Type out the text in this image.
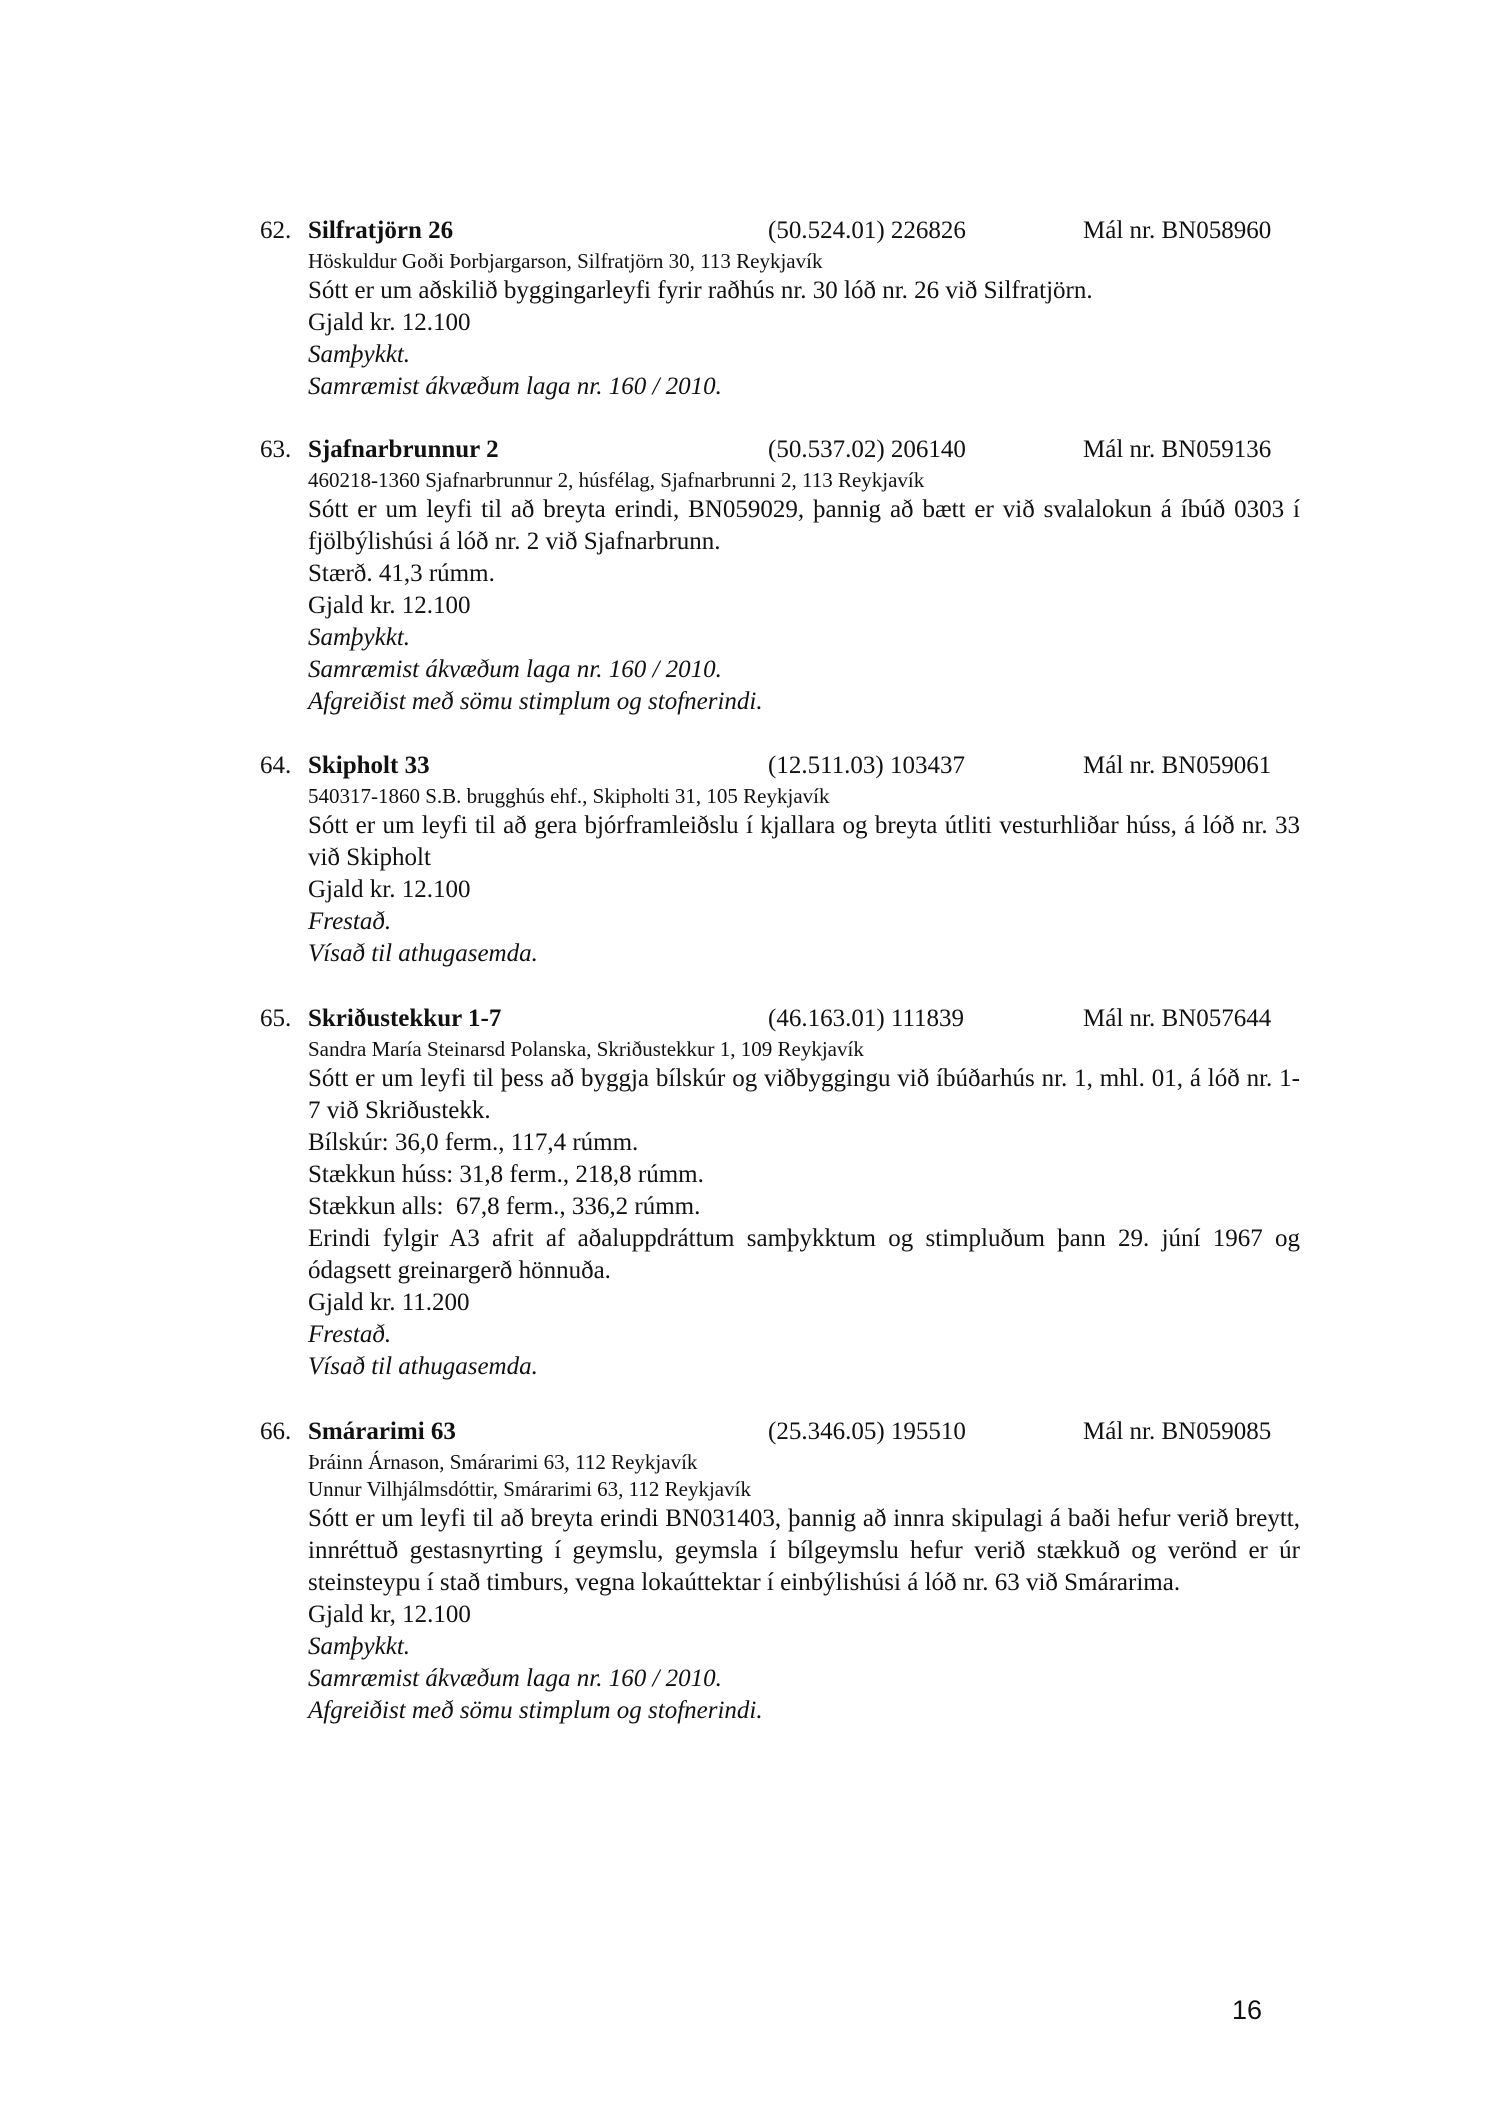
62. Silfratjörn 26	(50.524.01) 226826	Mál nr. BN058960
Höskuldur Goði Þorbjargarson, Silfratjörn 30, 113 Reykjavík
Sótt er um aðskilið byggingarleyfi fyrir raðhús nr. 30 lóð nr. 26 við Silfratjörn.
Gjald kr. 12.100
Samþykkt.
Samræmist ákvæðum laga nr. 160 / 2010.
63. Sjafnarbrunnur 2	(50.537.02) 206140	Mál nr. BN059136
460218-1360 Sjafnarbrunnur 2, húsfélag, Sjafnarbrunni 2, 113 Reykjavík
Sótt er um leyfi til að breyta erindi, BN059029, þannig að bætt er við svalalokun á íbúð 0303 í fjölbýlishúsi á lóð nr. 2 við Sjafnarbrunn.
Stærð. 41,3 rúmm.
Gjald kr. 12.100
Samþykkt.
Samræmist ákvæðum laga nr. 160 / 2010.
Afgreiðist með sömu stimplum og stofnerindi.
64. Skipholt 33	(12.511.03) 103437	Mál nr. BN059061
540317-1860 S.B. brugghús ehf., Skipholti 31, 105 Reykjavík
Sótt er um leyfi til að gera bjórframleiðslu í kjallara og breyta útliti vesturhliðar húss, á lóð nr. 33 við Skipholt
Gjald kr. 12.100
Frestað.
Vísað til athugasemda.
65. Skriðustekkur 1-7	(46.163.01) 111839	Mál nr. BN057644
Sandra María Steinarsd Polanska, Skriðustekkur 1, 109 Reykjavík
Sótt er um leyfi til þess að byggja bílskúr og viðbyggingu við íbúðarhús nr. 1, mhl. 01, á lóð nr. 1-7 við Skriðustekk.
Bílskúr: 36,0 ferm., 117,4 rúmm.
Stækkun húss: 31,8 ferm., 218,8 rúmm.
Stækkun alls:  67,8 ferm., 336,2 rúmm.
Erindi fylgir A3 afrit af aðaluppdráttum samþykktum og stimpluðum þann 29. júní 1967 og ódagsett greinargerð hönnuða.
Gjald kr. 11.200
Frestað.
Vísað til athugasemda.
66. Smárarimi 63	(25.346.05) 195510	Mál nr. BN059085
Þráinn Árnason, Smárarimi 63, 112 Reykjavík
Unnur Vilhjálmsdóttir, Smárarimi 63, 112 Reykjavík
Sótt er um leyfi til að breyta erindi BN031403, þannig að innra skipulagi á baði hefur verið breytt, innréttuð gestasnyrting í geymslu, geymsla í bílgeymslu hefur verið stækkuð og verönd er úr steinsteypu í stað timburs, vegna lokaúttektar í einbýlishúsi á lóð nr. 63 við Smárarima.
Gjald kr, 12.100
Samþykkt.
Samræmist ákvæðum laga nr. 160 / 2010.
Afgreiðist með sömu stimplum og stofnerindi.
16
